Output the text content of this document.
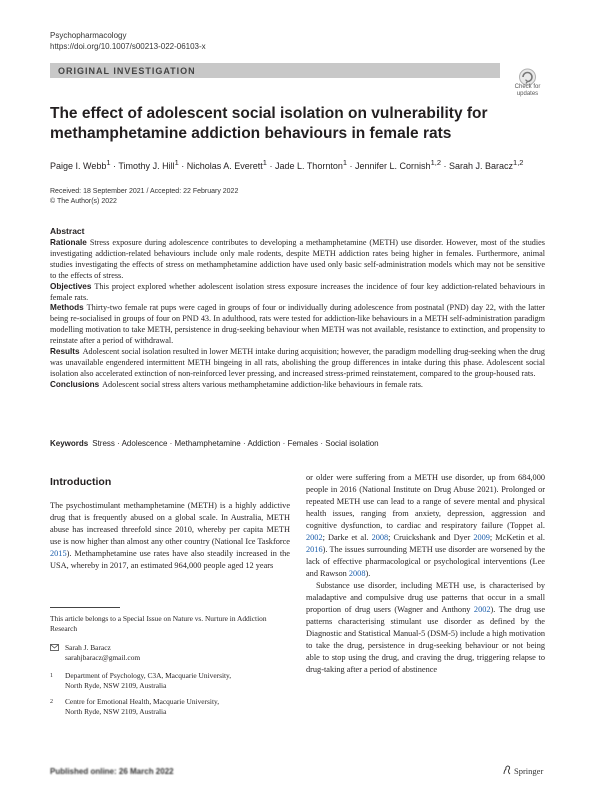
Psychopharmacology
https://doi.org/10.1007/s00213-022-06103-x
ORIGINAL INVESTIGATION
Check for updates
The effect of adolescent social isolation on vulnerability for methamphetamine addiction behaviours in female rats
Paige I. Webb$^1$ · Timothy J. Hill$^1$ · Nicholas A. Everett$^1$ · Jade L. Thornton$^1$ · Jennifer L. Cornish$^{1,2}$ · Sarah J. Baracz$^{1,2}$
Received: 18 September 2021 / Accepted: 22 February 2022
© The Author(s) 2022
Abstract

Rationale Stress exposure during adolescence contributes to developing a methamphetamine (METH) use disorder. However, most of the studies investigating addiction-related behaviours include only male rodents, despite METH addiction rates being higher in females. Furthermore, animal studies investigating the effects of stress on methamphetamine addiction have used only basic self-administration models which may not be sensitive to the effects of stress.

Objectives This project explored whether adolescent isolation stress exposure increases the incidence of four key addiction-related behaviours in female rats.

Methods Thirty-two female rat pups were caged in groups of four or individually during adolescence from postnatal (PND) day 22, with the latter being re-socialised in groups of four on PND 43. In adulthood, rats were tested for addiction-like behaviours in a METH self-administration paradigm modelling motivation to take METH, persistence in drug-seeking behaviour when METH was not available, resistance to extinction, and propensity to reinstate after a period of withdrawal.

Results Adolescent social isolation resulted in lower METH intake during acquisition; however, the paradigm modelling drug-seeking when the drug was unavailable engendered intermittent METH bingeing in all rats, abolishing the group differences in intake during this phase. Adolescent social isolation also accelerated extinction of non-reinforced lever pressing, and increased stress-primed reinstatement, compared to the group-housed rats.

Conclusions Adolescent social stress alters various methamphetamine addiction-like behaviours in female rats.

Keywords Stress · Adolescence · Methamphetamine · Addiction · Females · Social isolation
Introduction

The psychostimulant methamphetamine (METH) is a highly addictive drug that is frequently abused on a global scale. In Australia, METH abuse has increased threefold since 2010, whereby per capita METH use is now higher than almost any other country (National Ice Taskforce 2015). Methamphetamine use rates have also steadily increased in the USA, whereby in 2017, an estimated 964,000 people aged 12 years

or older were suffering from a METH use disorder, up from 684,000 people in 2016 (National Institute on Drug Abuse 2021). Prolonged or repeated METH use can lead to a range of severe mental and physical health issues, ranging from anxiety, depression, aggression and cognitive dysfunction, to cardiac and respiratory failure (Toppet al. 2002; Darke et al. 2008; Cruickshank and Dyer 2009; McKetin et al. 2016). The issues surrounding METH use disorder are worsened by the lack of effective pharmacological or psychological interventions (Lee and Rawson 2008).

Substance use disorder, including METH use, is characterised by maladaptive and compulsive drug use patterns that occur in a small proportion of drug users (Wagner and Anthony 2002). The drug use patterns characterising stimulant use disorder as defined by the Diagnostic and Statistical Manual-5 (DSM-5) include a high motivation to take the drug, persistence in drug-seeking behaviour or not being able to stop using the drug, and craving the drug, triggering relapse to drug-taking after a period of abstinence

This article belongs to a Special Issue on Nature vs. Nurture in Addiction Research
Sarah J. Baracz
sarahjbaracz@gmail.com
1 Department of Psychology, C3A, Macquarie University,
North Ryde, NSW 2109, Australia
2 Centre for Emotional Health, Macquarie University,
North Ryde, NSW 2109, Australia
Published online: 26 March 2022	Springer
